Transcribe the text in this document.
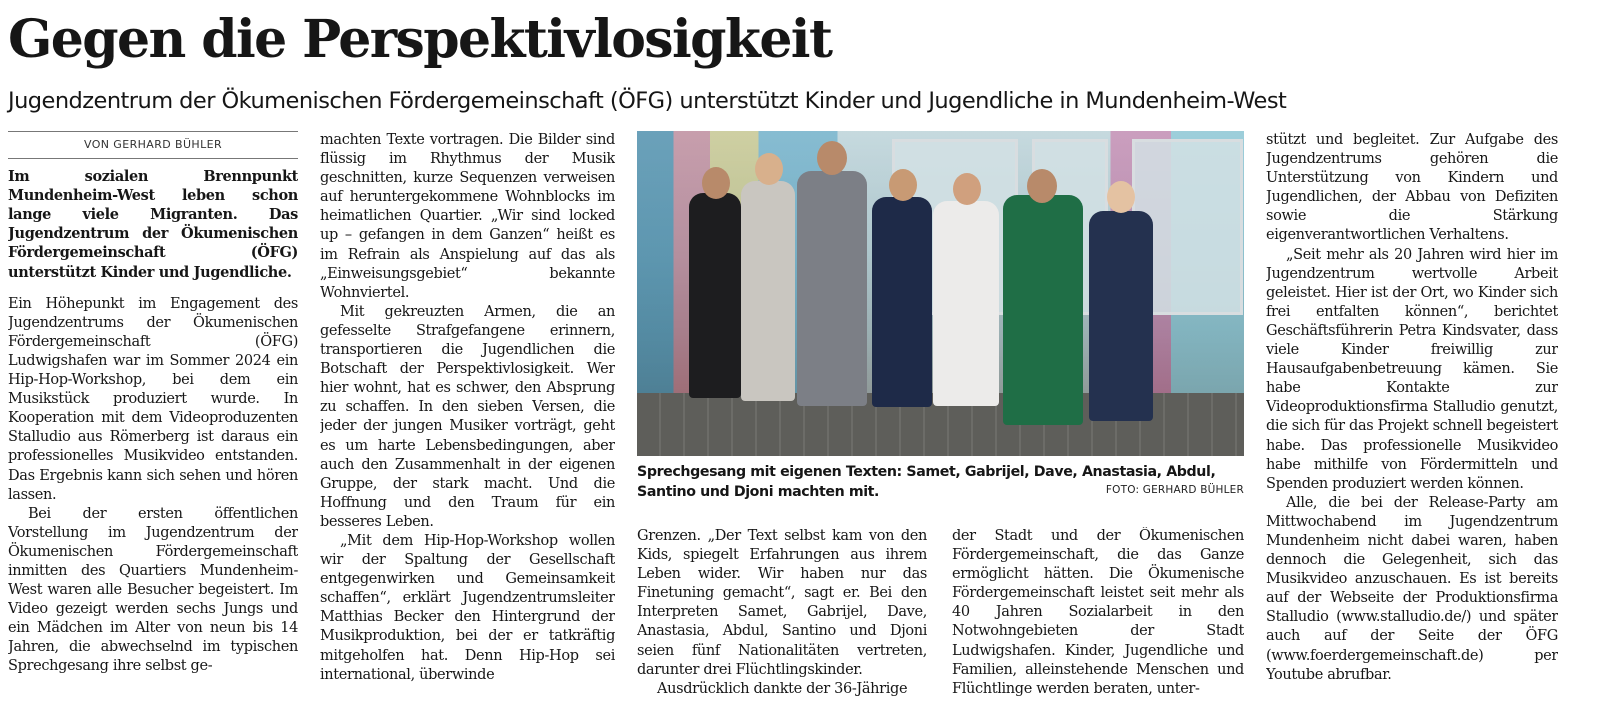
Gegen die Perspektivlosigkeit
Jugendzentrum der Ökumenischen Fördergemeinschaft (ÖFG) unterstützt Kinder und Jugendliche in Mundenheim-West
VON GERHARD BÜHLER

Im sozialen Brennpunkt Mundenheim-West leben schon lange viele Migranten. Das Jugendzentrum der Ökumenischen Fördergemeinschaft (ÖFG) unterstützt Kinder und Jugendliche.

Ein Höhepunkt im Engagement des Jugendzentrums der Ökumenischen Fördergemeinschaft (ÖFG) Ludwigshafen war im Sommer 2024 ein Hip-Hop-Workshop, bei dem ein Musikstück produziert wurde. In Kooperation mit dem Videoproduzenten Stalludio aus Römerberg ist daraus ein professionelles Musikvideo entstanden. Das Ergebnis kann sich sehen und hören lassen.

Bei der ersten öffentlichen Vorstellung im Jugendzentrum der Ökumenischen Fördergemeinschaft inmitten des Quartiers Mundenheim-West waren alle Besucher begeistert. Im Video gezeigt werden sechs Jungs und ein Mädchen im Alter von neun bis 14 Jahren, die abwechselnd im typischen Sprechgesang ihre selbst ge-

machten Texte vortragen. Die Bilder sind flüssig im Rhythmus der Musik geschnitten, kurze Sequenzen verweisen auf heruntergekommene Wohnblocks im heimatlichen Quartier. „Wir sind locked up – gefangen in dem Ganzen“ heißt es im Refrain als Anspielung auf das als „Einweisungsgebiet“ bekannte Wohnviertel.

Mit gekreuzten Armen, die an gefesselte Strafgefangene erinnern, transportieren die Jugendlichen die Botschaft der Perspektivlosigkeit. Wer hier wohnt, hat es schwer, den Absprung zu schaffen. In den sieben Versen, die jeder der jungen Musiker vorträgt, geht es um harte Lebensbedingungen, aber auch den Zusammenhalt in der eigenen Gruppe, der stark macht. Und die Hoffnung und den Traum für ein besseres Leben.

„Mit dem Hip-Hop-Workshop wollen wir der Spaltung der Gesellschaft entgegenwirken und Gemeinsamkeit schaffen“, erklärt Jugendzentrumsleiter Matthias Becker den Hintergrund der Musikproduktion, bei der er tatkräftig mitgeholfen hat. Denn Hip-Hop sei international, überwinde

Sprechgesang mit eigenen Texten: Samet, Gabrijel, Dave, Anastasia, Abdul, Santino und Djoni machten mit.	FOTO: GERHARD BÜHLER

Grenzen. „Der Text selbst kam von den Kids, spiegelt Erfahrungen aus ihrem Leben wider. Wir haben nur das Finetuning gemacht“, sagt er. Bei den Interpreten Samet, Gabrijel, Dave, Anastasia, Abdul, Santino und Djoni seien fünf Nationalitäten vertreten, darunter drei Flüchtlingskinder.

Ausdrücklich dankte der 36-Jährige

der Stadt und der Ökumenischen Fördergemeinschaft, die das Ganze ermöglicht hätten. Die Ökumenische Fördergemeinschaft leistet seit mehr als 40 Jahren Sozialarbeit in den Notwohngebieten der Stadt Ludwigshafen. Kinder, Jugendliche und Familien, alleinstehende Menschen und Flüchtlinge werden beraten, unter-

stützt und begleitet. Zur Aufgabe des Jugendzentrums gehören die Unterstützung von Kindern und Jugendlichen, der Abbau von Defiziten sowie die Stärkung eigenverantwortlichen Verhaltens.

„Seit mehr als 20 Jahren wird hier im Jugendzentrum wertvolle Arbeit geleistet. Hier ist der Ort, wo Kinder sich frei entfalten können“, berichtet Geschäftsführerin Petra Kindsvater, dass viele Kinder freiwillig zur Hausaufgabenbetreuung kämen. Sie habe Kontakte zur Videoproduktionsfirma Stalludio genutzt, die sich für das Projekt schnell begeistert habe. Das professionelle Musikvideo habe mithilfe von Fördermitteln und Spenden produziert werden können.

Alle, die bei der Release-Party am Mittwochabend im Jugendzentrum Mundenheim nicht dabei waren, haben dennoch die Gelegenheit, sich das Musikvideo anzuschauen. Es ist bereits auf der Webseite der Produktionsfirma Stalludio (www.stalludio.de/) und später auch auf der Seite der ÖFG (www.foerdergemeinschaft.de) per Youtube abrufbar.
